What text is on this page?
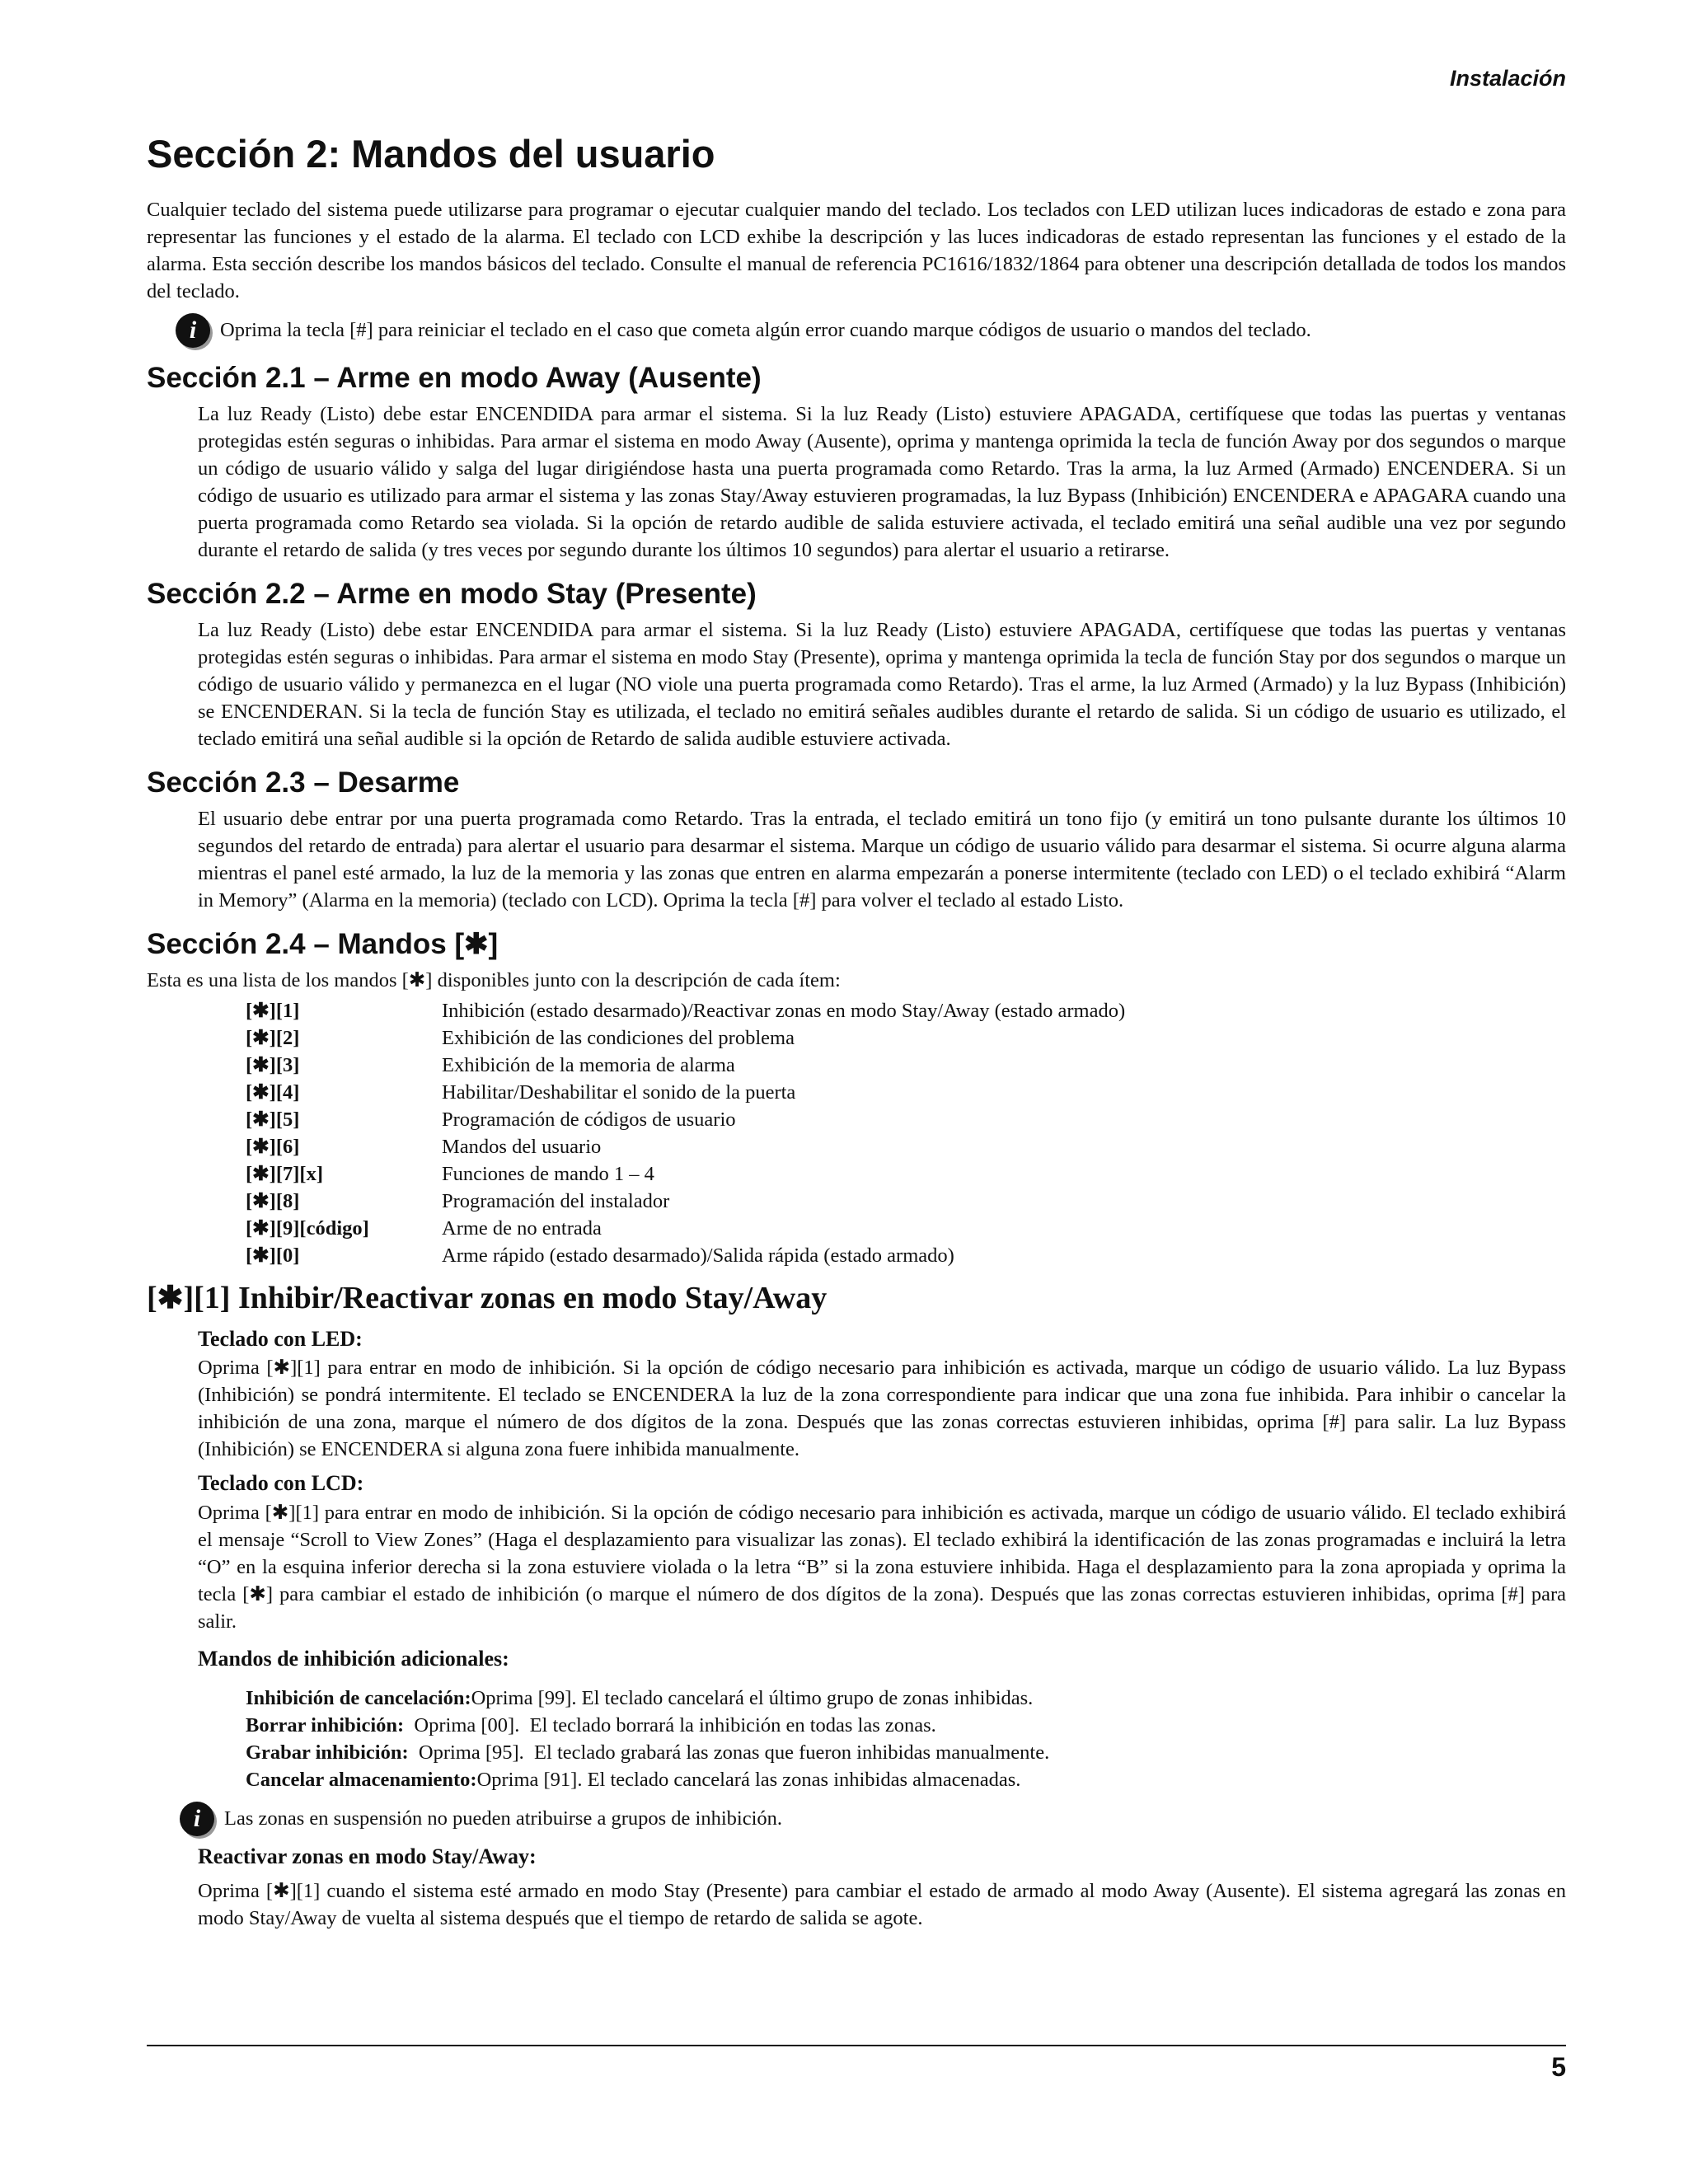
Instalación
Sección 2: Mandos del usuario

Cualquier teclado del sistema puede utilizarse para programar o ejecutar cualquier mando del teclado. Los teclados con LED utilizan luces indicadoras de estado e zona para representar las funciones y el estado de la alarma. El teclado con LCD exhibe la descripción y las luces indicadoras de estado representan las funciones y el estado de la alarma. Esta sección describe los mandos básicos del teclado. Consulte el manual de referencia PC1616/1832/1864 para obtener una descripción detallada de todos los mandos del teclado.

i	Oprima la tecla [#] para reiniciar el teclado en el caso que cometa algún error cuando marque códigos de usuario o mandos del teclado.
Sección 2.1 – Arme en modo Away (Ausente)

La luz Ready (Listo) debe estar ENCENDIDA para armar el sistema. Si la luz Ready (Listo) estuviere APAGADA, certifíquese que todas las puertas y ventanas protegidas estén seguras o inhibidas. Para armar el sistema en modo Away (Ausente), oprima y mantenga oprimida la tecla de función Away por dos segundos o marque un código de usuario válido y salga del lugar dirigiéndose hasta una puerta programada como Retardo. Tras la arma, la luz Armed (Armado) ENCENDERA. Si un código de usuario es utilizado para armar el sistema y las zonas Stay/Away estuvieren programadas, la luz Bypass (Inhibición) ENCENDERA e APAGARA cuando una puerta programada como Retardo sea violada. Si la opción de retardo audible de salida estuviere activada, el teclado emitirá una señal audible una vez por segundo durante el retardo de salida (y tres veces por segundo durante los últimos 10 segundos) para alertar el usuario a retirarse.

Sección 2.2 – Arme en modo Stay (Presente)

La luz Ready (Listo) debe estar ENCENDIDA para armar el sistema. Si la luz Ready (Listo) estuviere APAGADA, certifíquese que todas las puertas y ventanas protegidas estén seguras o inhibidas. Para armar el sistema en modo Stay (Presente), oprima y mantenga oprimida la tecla de función Stay por dos segundos o marque un código de usuario válido y permanezca en el lugar (NO viole una puerta programada como Retardo). Tras el arme, la luz Armed (Armado) y la luz Bypass (Inhibición) se ENCENDERAN. Si la tecla de función Stay es utilizada, el teclado no emitirá señales audibles durante el retardo de salida. Si un código de usuario es utilizado, el teclado emitirá una señal audible si la opción de Retardo de salida audible estuviere activada.

Sección 2.3 – Desarme

El usuario debe entrar por una puerta programada como Retardo. Tras la entrada, el teclado emitirá un tono fijo (y emitirá un tono pulsante durante los últimos 10 segundos del retardo de entrada) para alertar el usuario para desarmar el sistema. Marque un código de usuario válido para desarmar el sistema. Si ocurre alguna alarma mientras el panel esté armado, la luz de la memoria y las zonas que entren en alarma empezarán a ponerse intermitente (teclado con LED) o el teclado exhibirá “Alarm in Memory” (Alarma en la memoria) (teclado con LCD). Oprima la tecla [#] para volver el teclado al estado Listo.

Sección 2.4 – Mandos [✱]

Esta es una lista de los mandos [✱] disponibles junto con la descripción de cada ítem:

[✱][1]	Inhibición (estado desarmado)/Reactivar zonas en modo Stay/Away (estado armado)
[✱][2]	Exhibición de las condiciones del problema
[✱][3]	Exhibición de la memoria de alarma
[✱][4]	Habilitar/Deshabilitar el sonido de la puerta
[✱][5]	Programación de códigos de usuario
[✱][6]	Mandos del usuario
[✱][7][x]	Funciones de mando 1 – 4
[✱][8]	Programación del instalador
[✱][9][código]	Arme de no entrada
[✱][0]	Arme rápido (estado desarmado)/Salida rápida (estado armado)
[✱][1] Inhibir/Reactivar zonas en modo Stay/Away
Teclado con LED:

Oprima [✱][1] para entrar en modo de inhibición. Si la opción de código necesario para inhibición es activada, marque un código de usuario válido. La luz Bypass (Inhibición) se pondrá intermitente. El teclado se ENCENDERA la luz de la zona correspondiente para indicar que una zona fue inhibida. Para inhibir o cancelar la inhibición de una zona, marque el número de dos dígitos de la zona. Después que las zonas correctas estuvieren inhibidas, oprima [#] para salir. La luz Bypass (Inhibición) se ENCENDERA si alguna zona fuere inhibida manualmente.

Teclado con LCD:

Oprima [✱][1] para entrar en modo de inhibición. Si la opción de código necesario para inhibición es activada, marque un código de usuario válido. El teclado exhibirá el mensaje “Scroll to View Zones” (Haga el desplazamiento para visualizar las zonas). El teclado exhibirá la identificación de las zonas programadas e incluirá la letra “O” en la esquina inferior derecha si la zona estuviere violada o la letra “B” si la zona estuviere inhibida. Haga el desplazamiento para la zona apropiada y oprima la tecla [✱] para cambiar el estado de inhibición (o marque el número de dos dígitos de la zona). Después que las zonas correctas estuvieren inhibidas, oprima [#] para salir.

Mandos de inhibición adicionales:
Inhibición de cancelación:Oprima [99]. El teclado cancelará el último grupo de zonas inhibidas.
Borrar inhibición:  Oprima [00].  El teclado borrará la inhibición en todas las zonas.
Grabar inhibición:  Oprima [95].  El teclado grabará las zonas que fueron inhibidas manualmente.
Cancelar almacenamiento:Oprima [91]. El teclado cancelará las zonas inhibidas almacenadas.
i	Las zonas en suspensión no pueden atribuirse a grupos de inhibición.
Reactivar zonas en modo Stay/Away:

Oprima [✱][1] cuando el sistema esté armado en modo Stay (Presente) para cambiar el estado de armado al modo Away (Ausente). El sistema agregará las zonas en modo Stay/Away de vuelta al sistema después que el tiempo de retardo de salida se agote.

5
